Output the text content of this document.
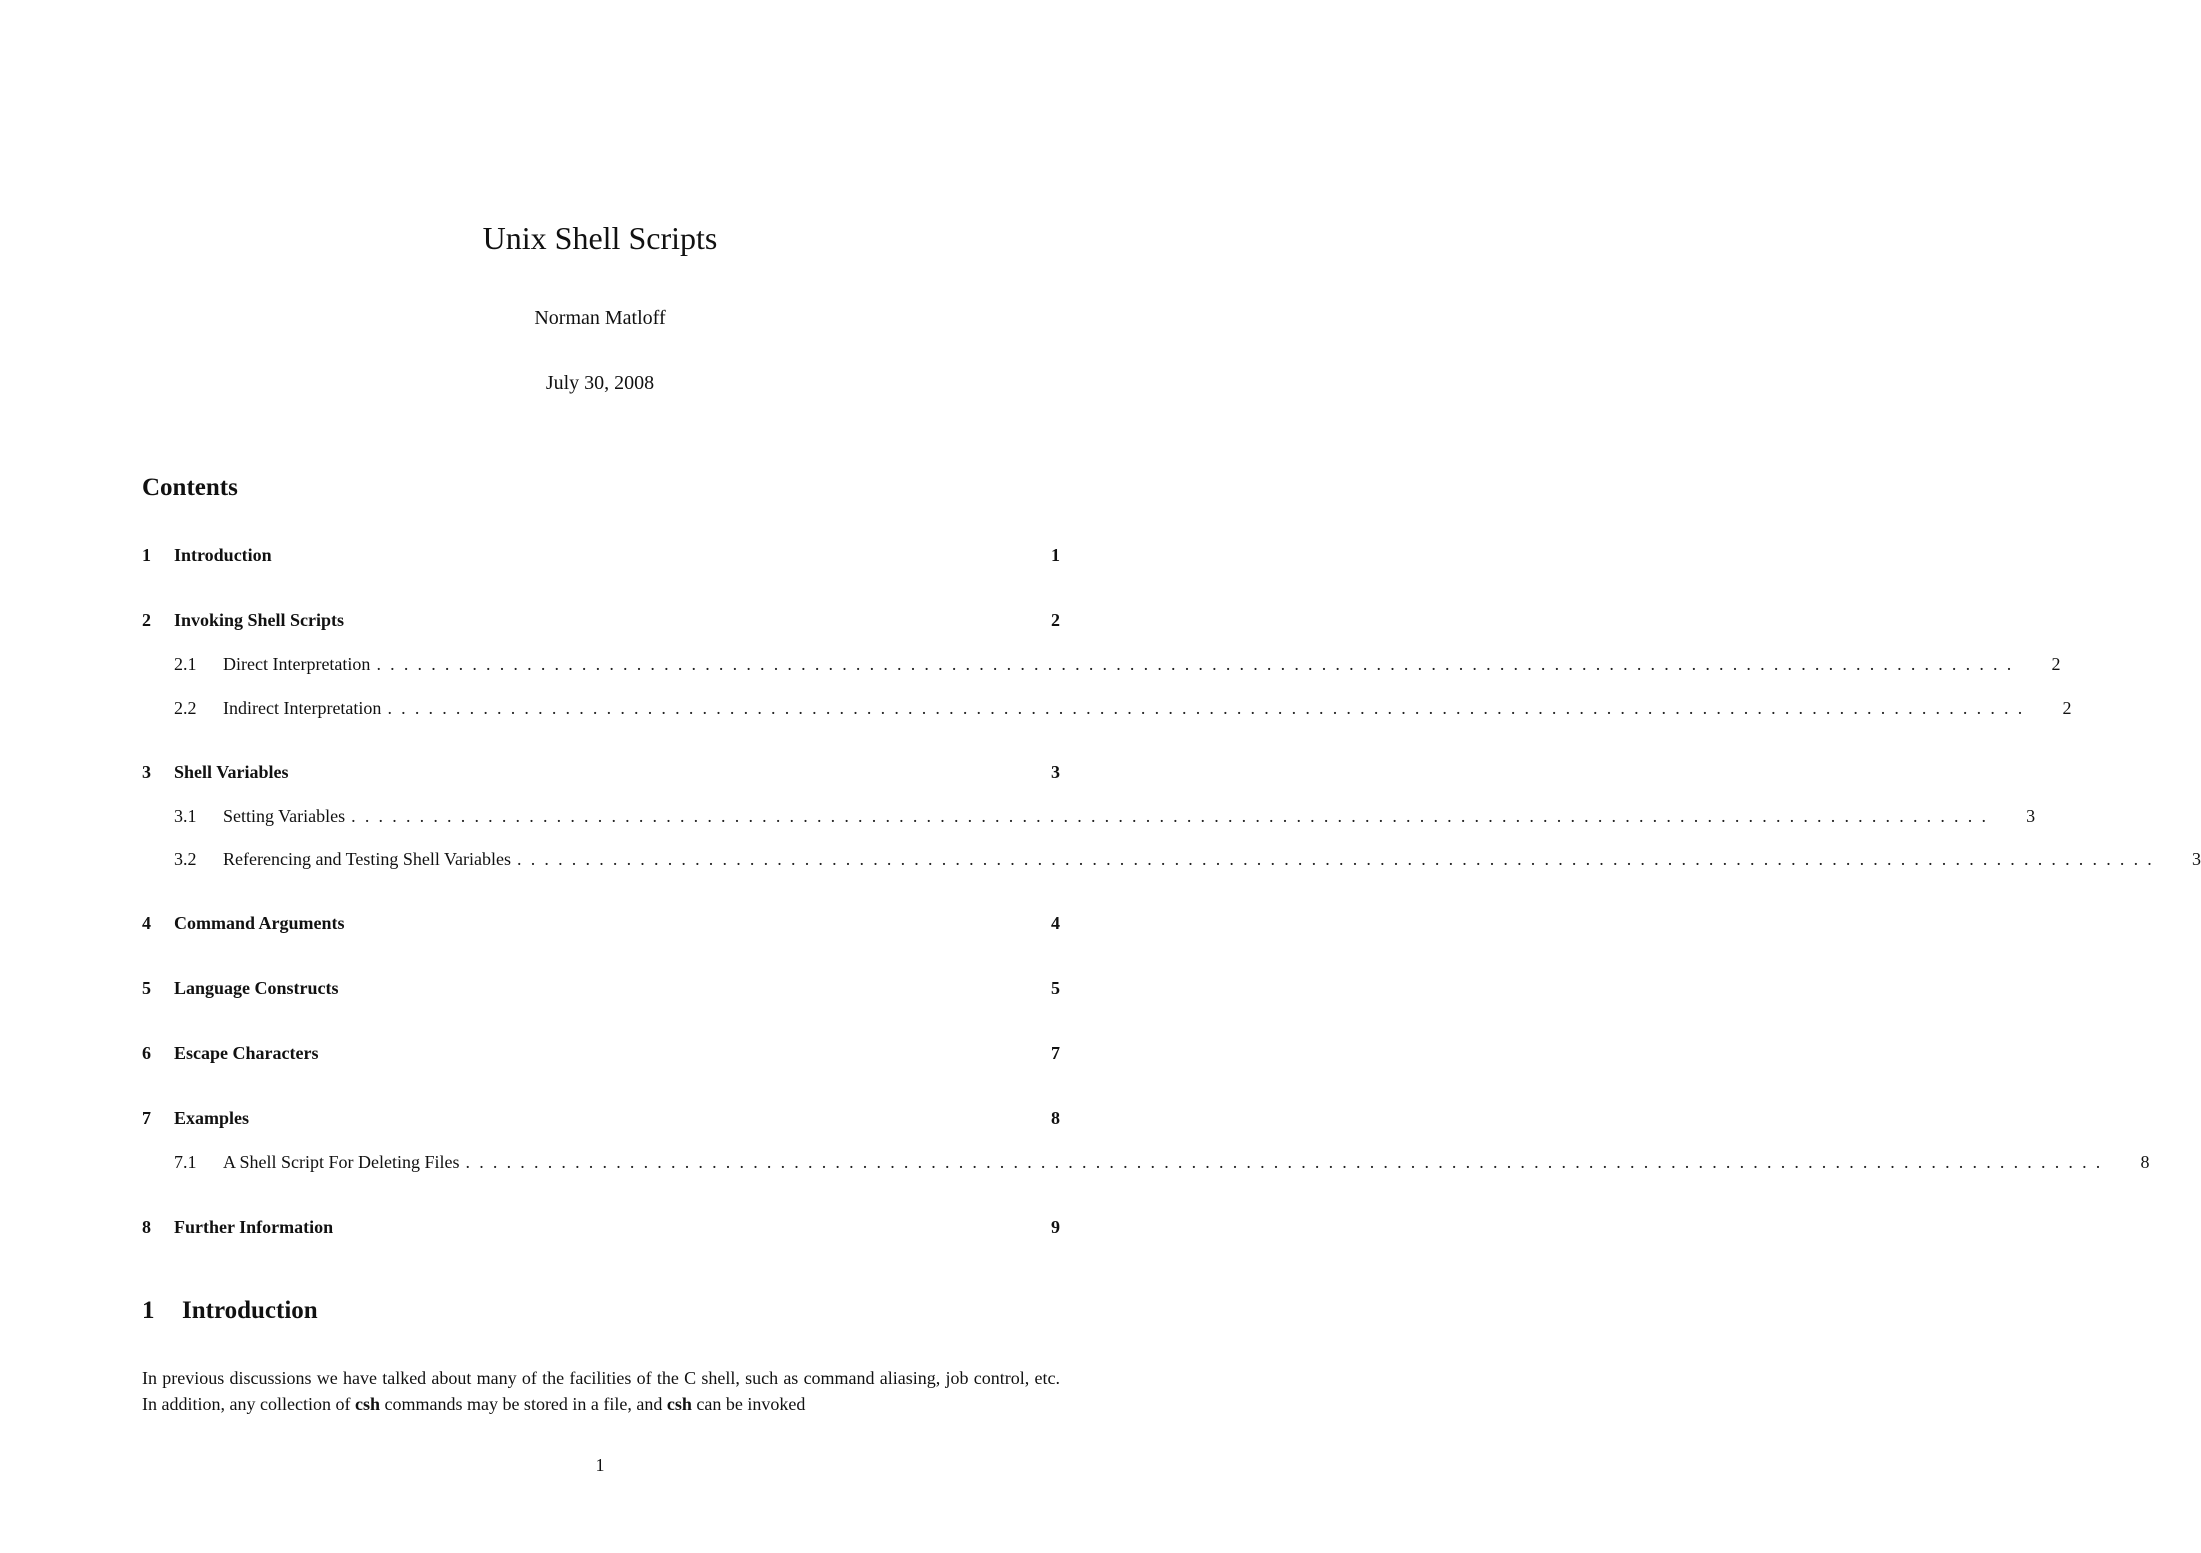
Unix Shell Scripts
Norman Matloff
July 30, 2008
Contents
1 Introduction	1
2 Invoking Shell Scripts	2
2.1	Direct Interpretation ........................................................................................................................	2
2.2	Indirect Interpretation ........................................................................................................................	2
3 Shell Variables	3
3.1	Setting Variables ........................................................................................................................	3
3.2	Referencing and Testing Shell Variables ........................................................................................................................	3
4 Command Arguments	4
5 Language Constructs	5
6 Escape Characters	7
7 Examples	8
7.1	A Shell Script For Deleting Files ........................................................................................................................	8
8 Further Information	9
1 Introduction
In previous discussions we have talked about many of the facilities of the C shell, such as command aliasing, job control, etc. In addition, any collection of csh commands may be stored in a file, and csh can be invoked
1
